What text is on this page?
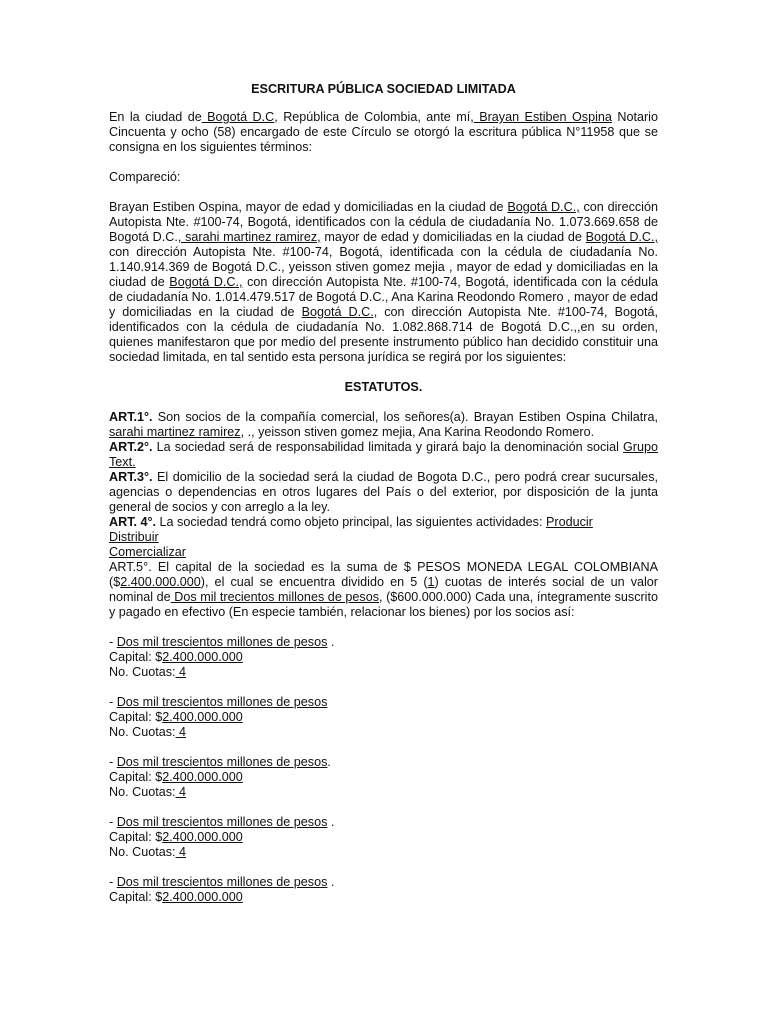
ESCRITURA PÚBLICA SOCIEDAD LIMITADA

En la ciudad de Bogotá D.C, República de Colombia, ante mí, Brayan Estiben Ospina Notario Cincuenta y ocho (58) encargado de este Círculo se otorgó la escritura pública N°11958 que se consigna en los siguientes términos:

Compareció:

Brayan Estiben Ospina, mayor de edad y domiciliadas en la ciudad de Bogotá D.C., con dirección Autopista Nte. #100-74, Bogotá, identificados con la cédula de ciudadanía No. 1.073.669.658 de Bogotá D.C., sarahi martinez ramirez, mayor de edad y domiciliadas en la ciudad de Bogotá D.C., con dirección Autopista Nte. #100-74, Bogotá, identificada con la cédula de ciudadanía No. 1.140.914.369 de Bogotá D.C., yeisson stiven gomez mejia , mayor de edad y domiciliadas en la ciudad de Bogotá D.C., con dirección Autopista Nte. #100-74, Bogotá, identificada con la cédula de ciudadanía No. 1.014.479.517 de Bogotá D.C., Ana Karina Reodondo Romero , mayor de edad y domiciliadas en la ciudad de Bogotá D.C., con dirección Autopista Nte. #100-74, Bogotá, identificados con la cédula de ciudadanía No. 1.082.868.714 de Bogotá D.C.,,en su orden, quienes manifestaron que por medio del presente instrumento público han decidido constituir una sociedad limitada, en tal sentido esta persona jurídica se regirá por los siguientes:

ESTATUTOS.

ART.1°. Son socios de la compañía comercial, los señores(a). Brayan Estiben Ospina Chilatra, sarahi martinez ramirez, ., yeisson stiven gomez mejia, Ana Karina Reodondo Romero.

ART.2°. La sociedad será de responsabilidad limitada y girará bajo la denominación social Grupo Text.

ART.3°. El domicilio de la sociedad será la ciudad de Bogota D.C., pero podrá crear sucursales, agencias o dependencias en otros lugares del País o del exterior, por disposición de la junta general de socios y con arreglo a la ley.

ART. 4°. La sociedad tendrá como objeto principal, las siguientes actividades: Producir

Distribuir

Comercializar

ART.5°. El capital de la sociedad es la suma de $ PESOS MONEDA LEGAL COLOMBIANA ($2.400.000.000), el cual se encuentra dividido en 5 (1) cuotas de interés social de un valor nominal de Dos mil trecientos millones de pesos, ($600.000.000) Cada una, íntegramente suscrito y pagado en efectivo (En especie también, relacionar los bienes) por los socios así:

- Dos mil trescientos millones de pesos .

Capital: $2.400.000.000

No. Cuotas: 4

- Dos mil trescientos millones de pesos

Capital: $2.400.000.000

No. Cuotas: 4

- Dos mil trescientos millones de pesos.

Capital: $2.400.000.000

No. Cuotas: 4

- Dos mil trescientos millones de pesos .

Capital: $2.400.000.000

No. Cuotas: 4

- Dos mil trescientos millones de pesos .

Capital: $2.400.000.000
